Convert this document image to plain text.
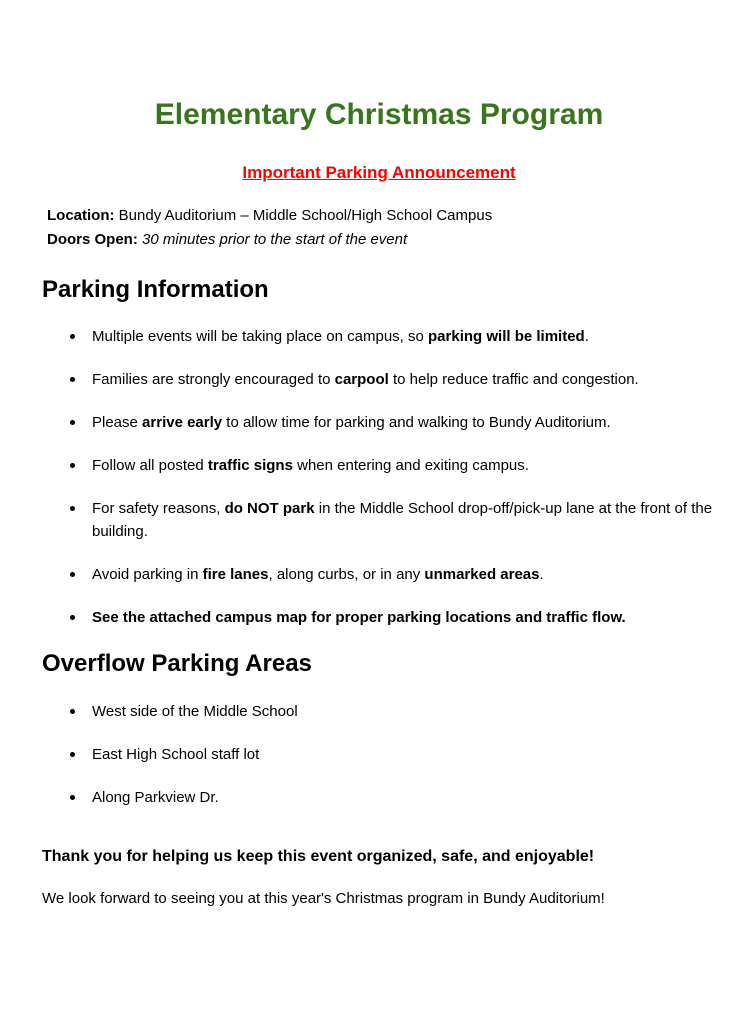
Elementary Christmas Program
Important Parking Announcement
Location: Bundy Auditorium – Middle School/High School Campus
Doors Open: 30 minutes prior to the start of the event
Parking Information
Multiple events will be taking place on campus, so parking will be limited.
Families are strongly encouraged to carpool to help reduce traffic and congestion.
Please arrive early to allow time for parking and walking to Bundy Auditorium.
Follow all posted traffic signs when entering and exiting campus.
For safety reasons, do NOT park in the Middle School drop-off/pick-up lane at the front of the building.
Avoid parking in fire lanes, along curbs, or in any unmarked areas.
See the attached campus map for proper parking locations and traffic flow.
Overflow Parking Areas
West side of the Middle School
East High School staff lot
Along Parkview Dr.

Thank you for helping us keep this event organized, safe, and enjoyable!

We look forward to seeing you at this year's Christmas program in Bundy Auditorium!
